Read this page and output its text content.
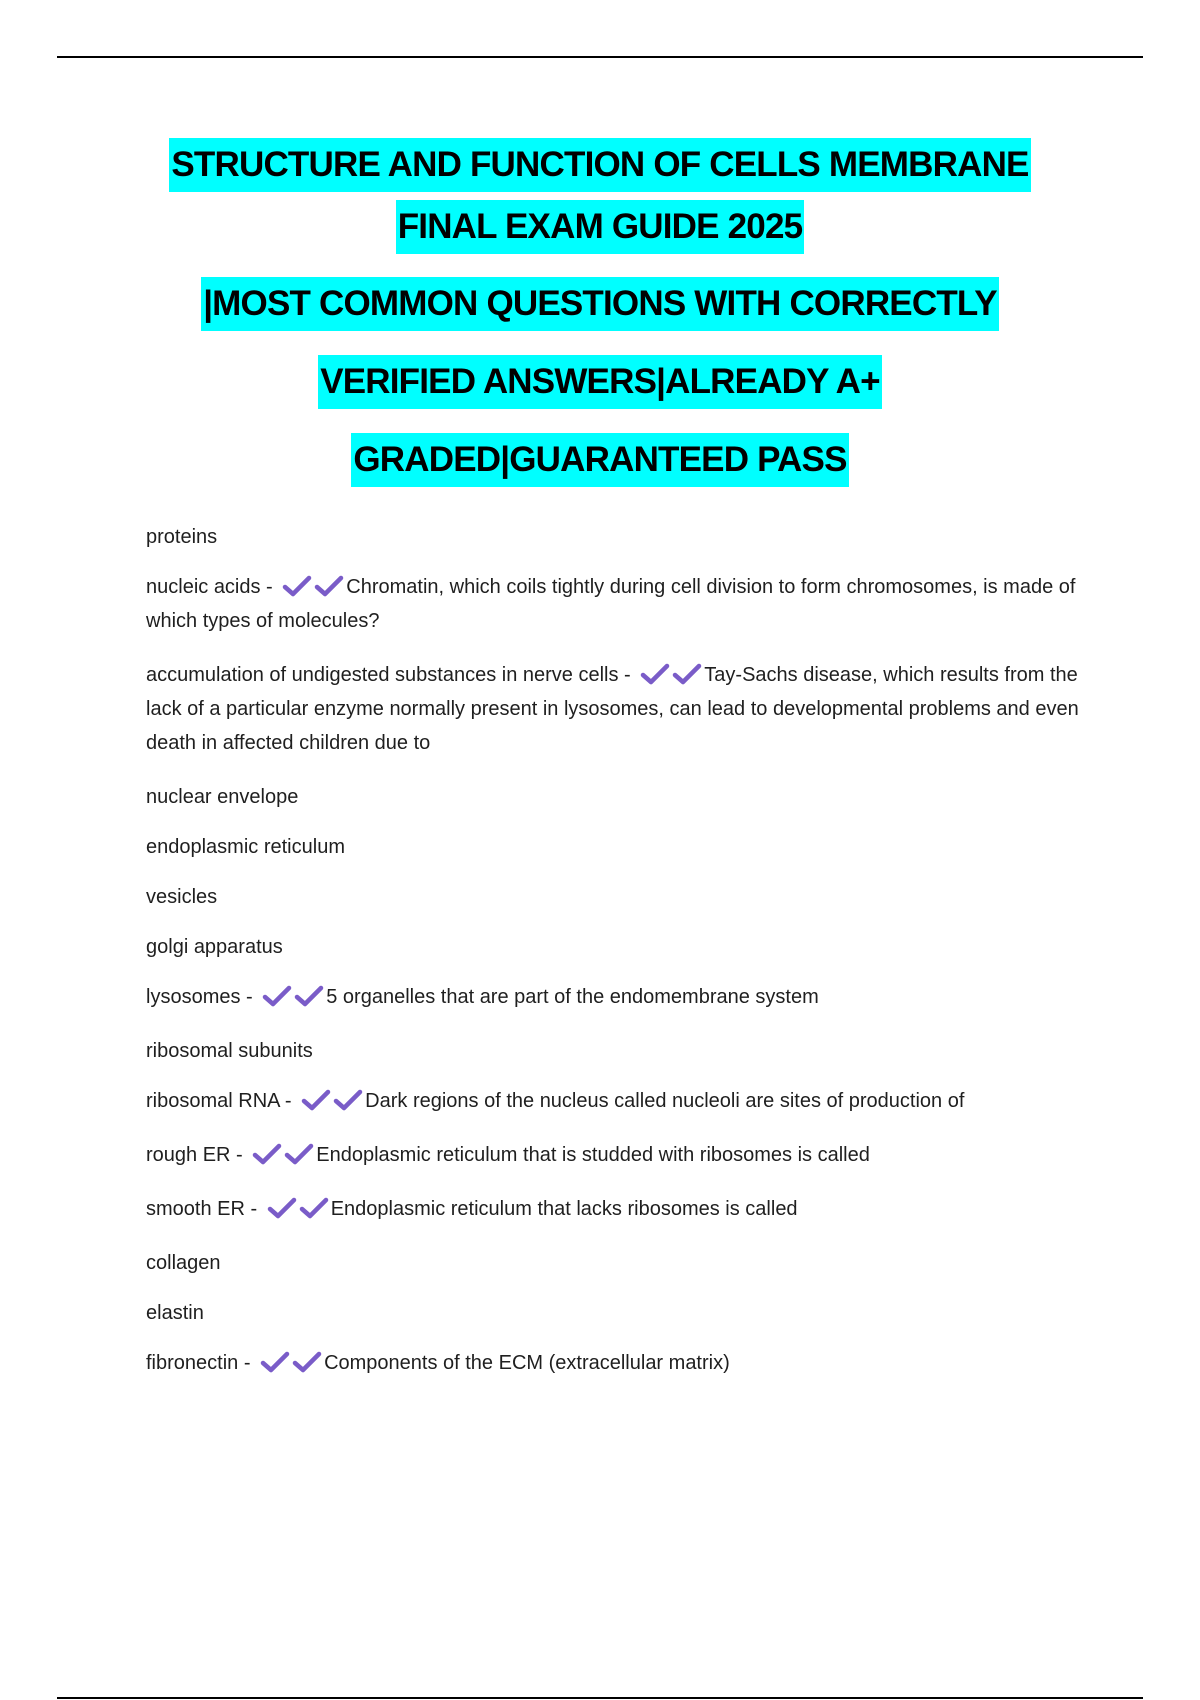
STRUCTURE AND FUNCTION OF CELLS MEMBRANE
FINAL EXAM GUIDE 2025
|MOST COMMON QUESTIONS WITH CORRECTLY
VERIFIED ANSWERS|ALREADY A+
GRADED|GUARANTEED PASS

proteins

nucleic acids -	Chromatin, which coils tightly during cell division to form chromosomes, is made of which types of molecules?

accumulation of undigested substances in nerve cells -	Tay-Sachs disease, which results from the lack of a particular enzyme normally present in lysosomes, can lead to developmental problems and even death in affected children due to

nuclear envelope

endoplasmic reticulum

vesicles

golgi apparatus

lysosomes -	5 organelles that are part of the endomembrane system

ribosomal subunits

ribosomal RNA -	Dark regions of the nucleus called nucleoli are sites of production of

rough ER -	Endoplasmic reticulum that is studded with ribosomes is called

smooth ER -	Endoplasmic reticulum that lacks ribosomes is called

collagen

elastin

fibronectin -	Components of the ECM (extracellular matrix)
